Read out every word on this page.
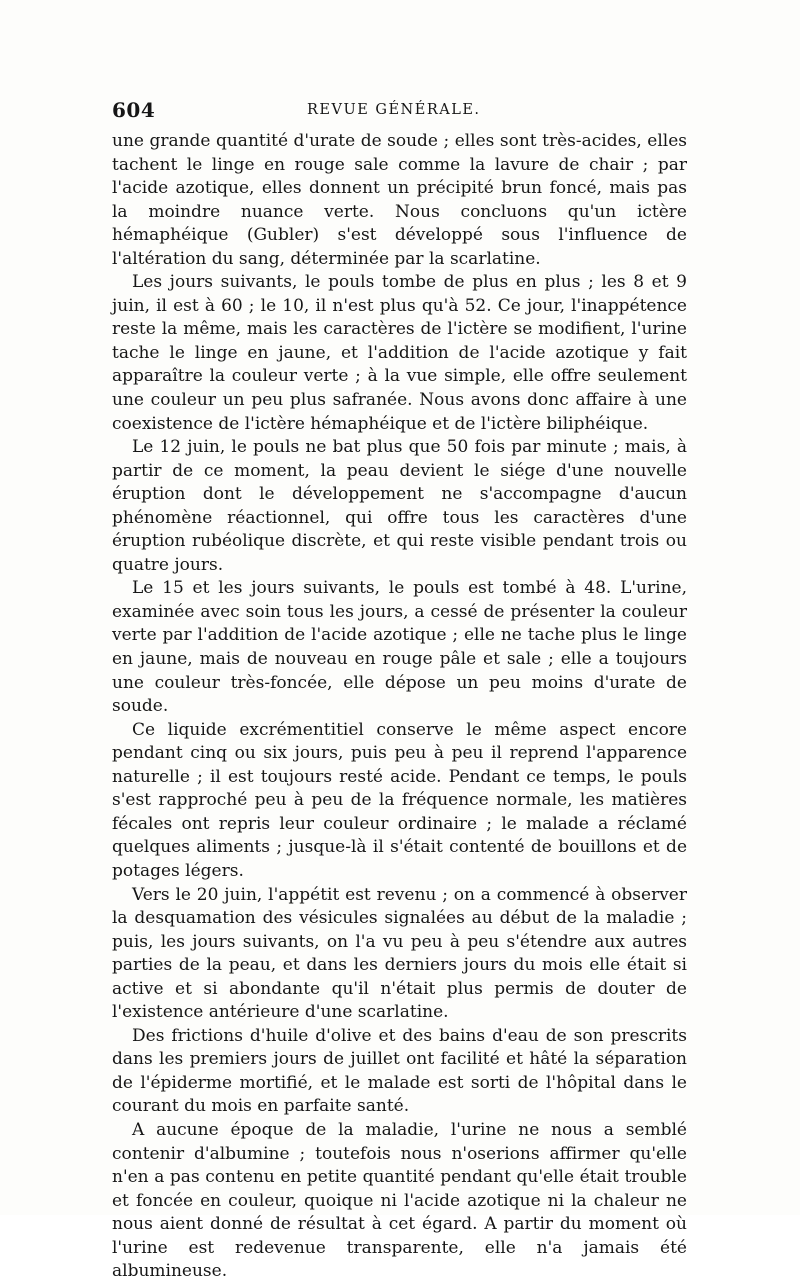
604	REVUE GÉNÉRALE.

une grande quantité d'urate de soude ; elles sont très-acides, elles tachent le linge en rouge sale comme la lavure de chair ; par l'acide azotique, elles donnent un précipité brun foncé, mais pas la moindre nuance verte. Nous concluons qu'un ictère hémaphéique (Gubler) s'est développé sous l'influence de l'altération du sang, déterminée par la scarlatine.

Les jours suivants, le pouls tombe de plus en plus ; les 8 et 9 juin, il est à 60 ; le 10, il n'est plus qu'à 52. Ce jour, l'inappétence reste la même, mais les caractères de l'ictère se modifient, l'urine tache le linge en jaune, et l'addition de l'acide azotique y fait apparaître la couleur verte ; à la vue simple, elle offre seulement une couleur un peu plus safranée. Nous avons donc affaire à une coexistence de l'ictère hémaphéique et de l'ictère biliphéique.

Le 12 juin, le pouls ne bat plus que 50 fois par minute ; mais, à partir de ce moment, la peau devient le siége d'une nouvelle éruption dont le développement ne s'accompagne d'aucun phénomène réactionnel, qui offre tous les caractères d'une éruption rubéolique discrète, et qui reste visible pendant trois ou quatre jours.

Le 15 et les jours suivants, le pouls est tombé à 48. L'urine, examinée avec soin tous les jours, a cessé de présenter la couleur verte par l'addition de l'acide azotique ; elle ne tache plus le linge en jaune, mais de nouveau en rouge pâle et sale ; elle a toujours une couleur très-foncée, elle dépose un peu moins d'urate de soude.

Ce liquide excrémentitiel conserve le même aspect encore pendant cinq ou six jours, puis peu à peu il reprend l'apparence naturelle ; il est toujours resté acide. Pendant ce temps, le pouls s'est rapproché peu à peu de la fréquence normale, les matières fécales ont repris leur couleur ordinaire ; le malade a réclamé quelques aliments ; jusque-là il s'était contenté de bouillons et de potages légers.

Vers le 20 juin, l'appétit est revenu ; on a commencé à observer la desquamation des vésicules signalées au début de la maladie ; puis, les jours suivants, on l'a vu peu à peu s'étendre aux autres parties de la peau, et dans les derniers jours du mois elle était si active et si abondante qu'il n'était plus permis de douter de l'existence antérieure d'une scarlatine.

Des frictions d'huile d'olive et des bains d'eau de son prescrits dans les premiers jours de juillet ont facilité et hâté la séparation de l'épiderme mortifié, et le malade est sorti de l'hôpital dans le courant du mois en parfaite santé.

A aucune époque de la maladie, l'urine ne nous a semblé contenir d'albumine ; toutefois nous n'oserions affirmer qu'elle n'en a pas contenu en petite quantité pendant qu'elle était trouble et foncée en couleur, quoique ni l'acide azotique ni la chaleur ne nous aient donné de résultat à cet égard. A partir du moment où l'urine est redevenue transparente, elle n'a jamais été albumineuse.
